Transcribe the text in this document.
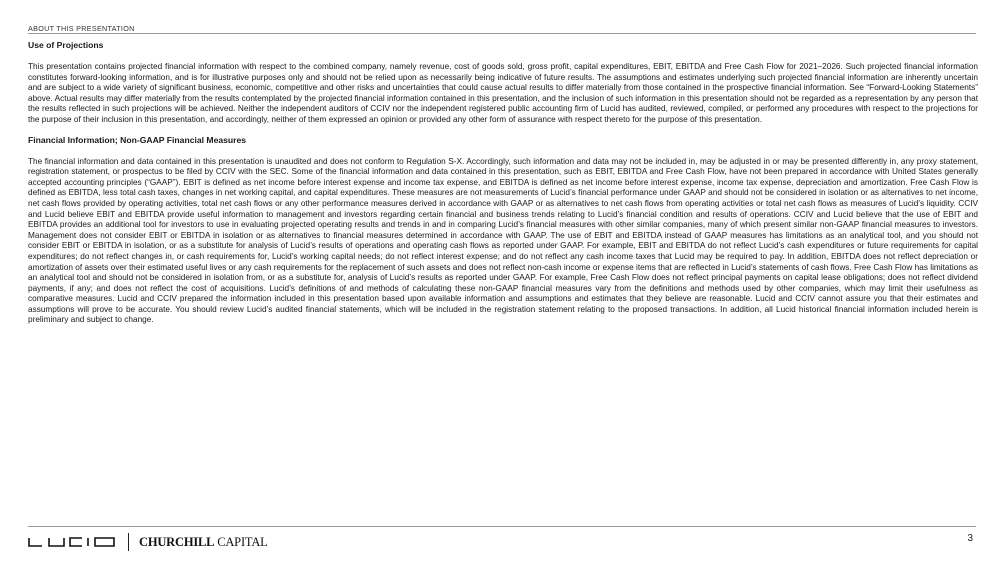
ABOUT THIS PRESENTATION
Use of Projections

This presentation contains projected financial information with respect to the combined company, namely revenue, cost of goods sold, gross profit, capital expenditures, EBIT, EBITDA and Free Cash Flow for 2021–2026. Such projected financial information constitutes forward-looking information, and is for illustrative purposes only and should not be relied upon as necessarily being indicative of future results. The assumptions and estimates underlying such projected financial information are inherently uncertain and are subject to a wide variety of significant business, economic, competitive and other risks and uncertainties that could cause actual results to differ materially from those contained in the prospective financial information. See “Forward-Looking Statements” above. Actual results may differ materially from the results contemplated by the projected financial information contained in this presentation, and the inclusion of such information in this presentation should not be regarded as a representation by any person that the results reflected in such projections will be achieved. Neither the independent auditors of CCIV nor the independent registered public accounting firm of Lucid has audited, reviewed, compiled, or performed any procedures with respect to the projections for the purpose of their inclusion in this presentation, and accordingly, neither of them expressed an opinion or provided any other form of assurance with respect thereto for the purpose of this presentation.

Financial Information; Non-GAAP Financial Measures

The financial information and data contained in this presentation is unaudited and does not conform to Regulation S-X. Accordingly, such information and data may not be included in, may be adjusted in or may be presented differently in, any proxy statement, registration statement, or prospectus to be filed by CCIV with the SEC. Some of the financial information and data contained in this presentation, such as EBIT, EBITDA and Free Cash Flow, have not been prepared in accordance with United States generally accepted accounting principles (“GAAP”). EBIT is defined as net income before interest expense and income tax expense, and EBITDA is defined as net income before interest expense, income tax expense, depreciation and amortization. Free Cash Flow is defined as EBITDA, less total cash taxes, changes in net working capital, and capital expenditures. These measures are not measurements of Lucid’s financial performance under GAAP and should not be considered in isolation or as alternatives to net income, net cash flows provided by operating activities, total net cash flows or any other performance measures derived in accordance with GAAP or as alternatives to net cash flows from operating activities or total net cash flows as measures of Lucid’s liquidity. CCIV and Lucid believe EBIT and EBITDA provide useful information to management and investors regarding certain financial and business trends relating to Lucid’s financial condition and results of operations. CCIV and Lucid believe that the use of EBIT and EBITDA provides an additional tool for investors to use in evaluating projected operating results and trends in and in comparing Lucid’s financial measures with other similar companies, many of which present similar non-GAAP financial measures to investors. Management does not consider EBIT or EBITDA in isolation or as alternatives to financial measures determined in accordance with GAAP. The use of EBIT and EBITDA instead of GAAP measures has limitations as an analytical tool, and you should not consider EBIT or EBITDA in isolation, or as a substitute for analysis of Lucid’s results of operations and operating cash flows as reported under GAAP. For example, EBIT and EBITDA do not reflect Lucid’s cash expenditures or future requirements for capital expenditures; do not reflect changes in, or cash requirements for, Lucid’s working capital needs; do not reflect interest expense; and do not reflect any cash income taxes that Lucid may be required to pay. In addition, EBITDA does not reflect depreciation or amortization of assets over their estimated useful lives or any cash requirements for the replacement of such assets and does not reflect non-cash income or expense items that are reflected in Lucid’s statements of cash flows. Free Cash Flow has limitations as an analytical tool and should not be considered in isolation from, or as a substitute for, analysis of Lucid’s results as reported under GAAP. For example, Free Cash Flow does not reflect principal payments on capital lease obligations; does not reflect dividend payments, if any; and does not reflect the cost of acquisitions. Lucid’s definitions of and methods of calculating these non-GAAP financial measures vary from the definitions and methods used by other companies, which may limit their usefulness as comparative measures. Lucid and CCIV prepared the information included in this presentation based upon available information and assumptions and estimates that they believe are reasonable. Lucid and CCIV cannot assure you that their estimates and assumptions will prove to be accurate. You should review Lucid’s audited financial statements, which will be included in the registration statement relating to the proposed transactions. In addition, all Lucid historical financial information included herein is preliminary and subject to change.

CHURCHILL CAPITAL	3
